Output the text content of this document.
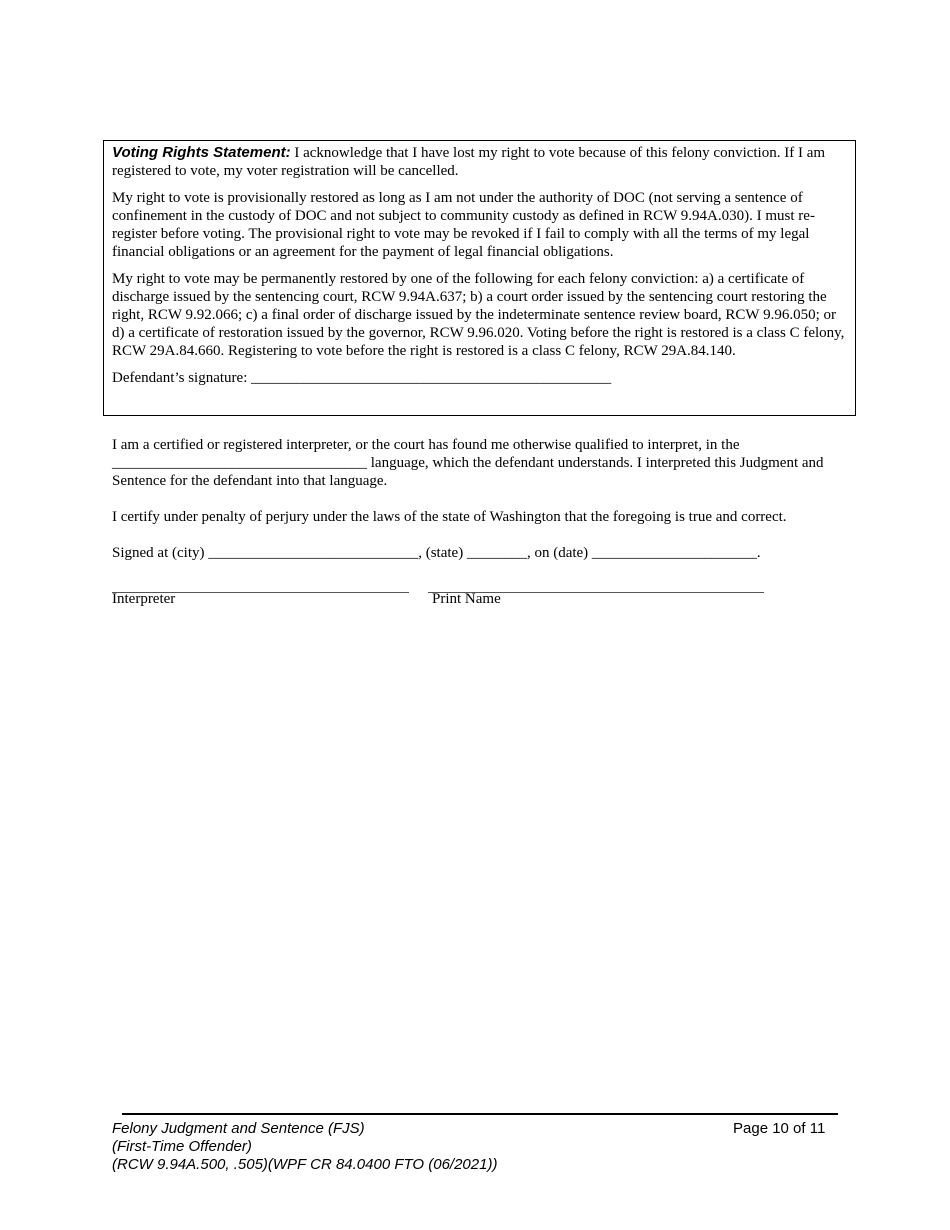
Voting Rights Statement: I acknowledge that I have lost my right to vote because of this felony conviction. If I am registered to vote, my voter registration will be cancelled.

My right to vote is provisionally restored as long as I am not under the authority of DOC (not serving a sentence of confinement in the custody of DOC and not subject to community custody as defined in RCW 9.94A.030). I must re-register before voting. The provisional right to vote may be revoked if I fail to comply with all the terms of my legal financial obligations or an agreement for the payment of legal financial obligations.

My right to vote may be permanently restored by one of the following for each felony conviction: a) a certificate of discharge issued by the sentencing court, RCW 9.94A.637; b) a court order issued by the sentencing court restoring the right, RCW 9.92.066; c) a final order of discharge issued by the indeterminate sentence review board, RCW 9.96.050; or d) a certificate of restoration issued by the governor, RCW 9.96.020. Voting before the right is restored is a class C felony, RCW 29A.84.660. Registering to vote before the right is restored is a class C felony, RCW 29A.84.140.

Defendant’s signature: ________________________________________________

I am a certified or registered interpreter, or the court has found me otherwise qualified to interpret, in the __________________________________ language, which the defendant understands. I interpreted this Judgment and Sentence for the defendant into that language.

I certify under penalty of perjury under the laws of the state of Washington that the foregoing is true and correct.

Signed at (city) ____________________________, (state) ________, on (date) ______________________.

Interpreter	Print Name
Felony Judgment and Sentence (FJS)
(First-Time Offender)
(RCW 9.94A.500, .505)(WPF CR 84.0400 FTO (06/2021))
Page 10 of 11
